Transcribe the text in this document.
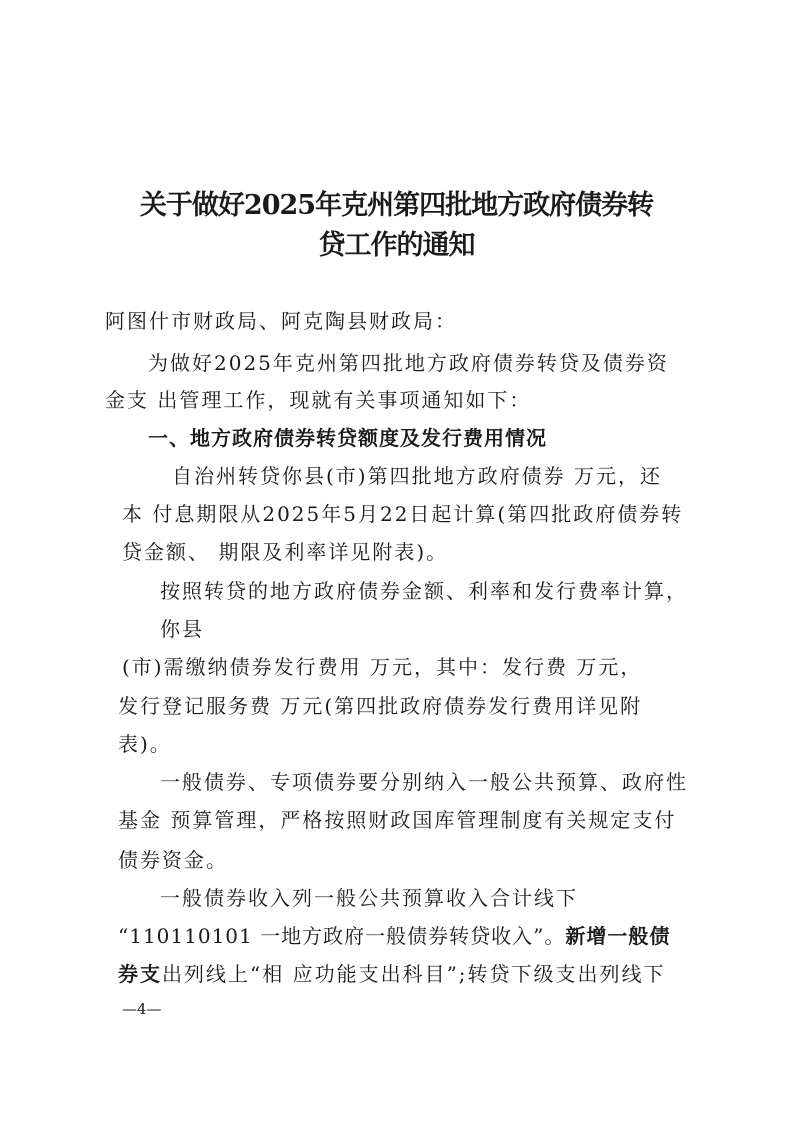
关于做好2025年克州第四批地方政府债券转
贷工作的通知

阿图什市财政局、阿克陶县财政局：

为做好2025年克州第四批地方政府债券转贷及债券资

金支 出管理工作，现就有关事项通知如下：

一、地方政府债券转贷额度及发行费用情况

自治州转贷你县(市)第四批地方政府债券 万元，还

本 付息期限从2025年5月22日起计算(第四批政府债券转

贷金额、 期限及利率详见附表)。

按照转贷的地方政府债券金额、利率和发行费率计算，

你县

(市)需缴纳债券发行费用 万元，其中：发行费 万元，

发行登记服务费 万元(第四批政府债券发行费用详见附

表)。

一般债券、专项债券要分别纳入一般公共预算、政府性

基金 预算管理，严格按照财政国库管理制度有关规定支付

债券资金。

一般债券收入列一般公共预算收入合计线下

“110110101 一地方政府一般债券转贷收入”。新增一般债

券支出列线上“相 应功能支出科目”;转贷下级支出列线下

—4—
